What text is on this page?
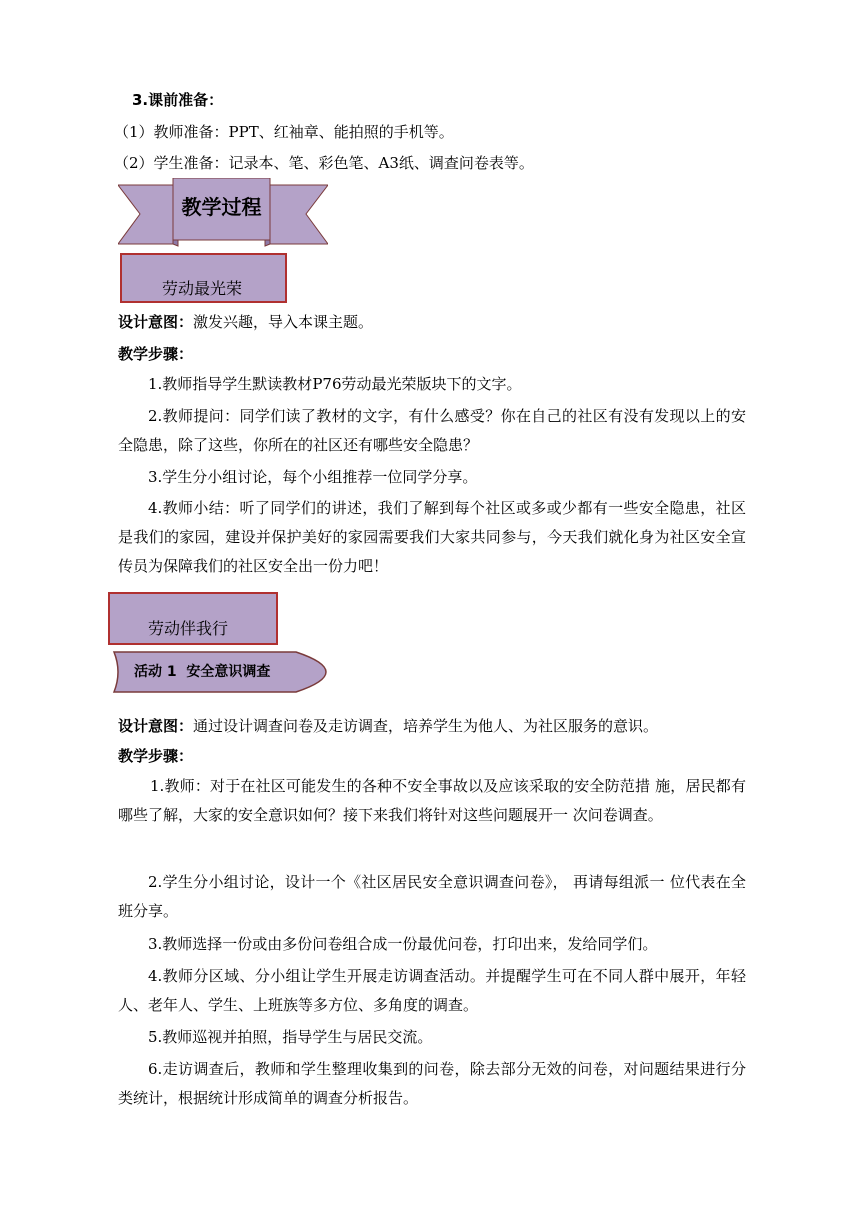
3.课前准备：
（1）教师准备：PPT、红袖章、能拍照的手机等。
（2）学生准备：记录本、笔、彩色笔、A3纸、调查问卷表等。
教学过程
劳动最光荣
设计意图：激发兴趣，导入本课主题。
教学步骤：
1.教师指导学生默读教材P76劳动最光荣版块下的文字。
2.教师提问：同学们读了教材的文字，有什么感受？你在自己的社区有没有发现以上的安全隐患，除了这些，你所在的社区还有哪些安全隐患？
3.学生分小组讨论，每个小组推荐一位同学分享。
4.教师小结：听了同学们的讲述，我们了解到每个社区或多或少都有一些安全隐患，社区是我们的家园，建设并保护美好的家园需要我们大家共同参与，今天我们就化身为社区安全宣传员为保障我们的社区安全出一份力吧！
劳动伴我行
活动 1  安全意识调查
设计意图：通过设计调查问卷及走访调查，培养学生为他人、为社区服务的意识。
教学步骤：
1.教师：对于在社区可能发生的各种不安全事故以及应该采取的安全防范措 施，居民都有哪些了解，大家的安全意识如何？接下来我们将针对这些问题展开一 次问卷调查。
2.学生分小组讨论，设计一个《社区居民安全意识调查问卷》， 再请每组派一 位代表在全班分享。
3.教师选择一份或由多份问卷组合成一份最优问卷，打印出来，发给同学们。
4.教师分区域、分小组让学生开展走访调查活动。并提醒学生可在不同人群中展开，年轻人、老年人、学生、上班族等多方位、多角度的调查。
5.教师巡视并拍照，指导学生与居民交流。
6.走访调查后，教师和学生整理收集到的问卷，除去部分无效的问卷，对问题结果进行分类统计，根据统计形成简单的调查分析报告。
